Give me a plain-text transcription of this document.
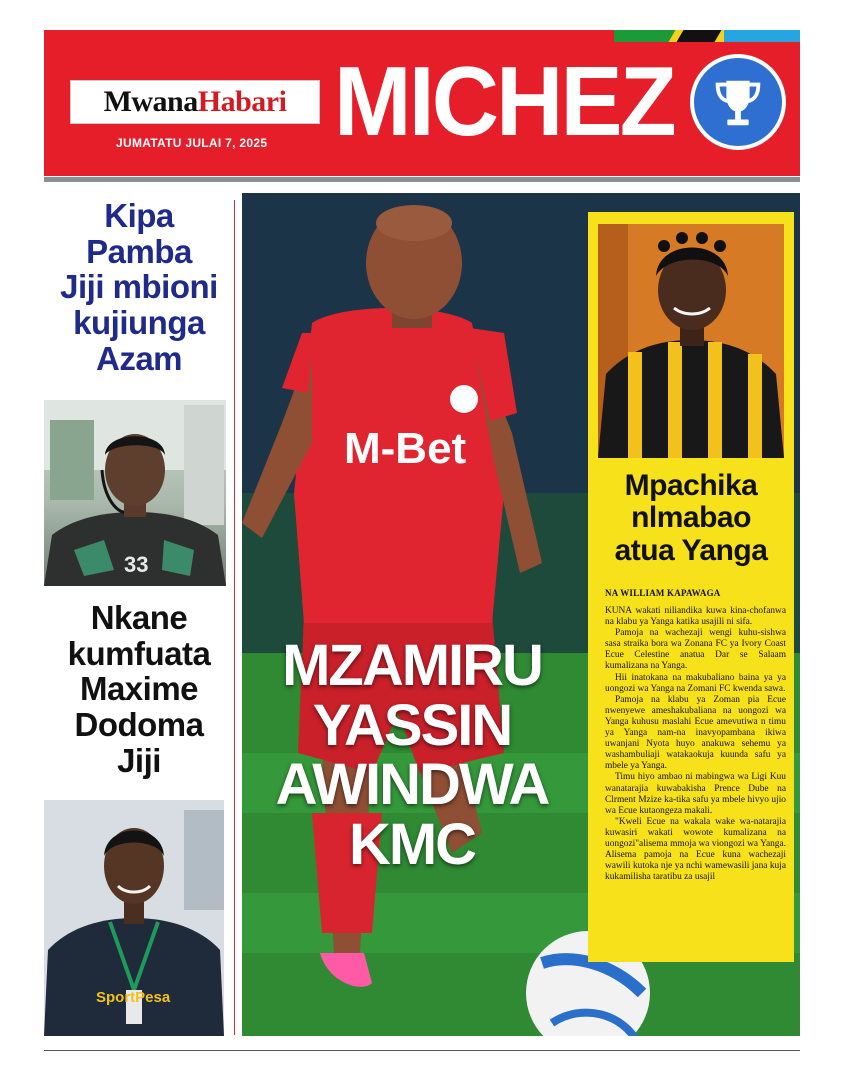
Mwana Habari
JUMATATU JULAI 7, 2025 MICHEZ
Kipa
Pamba
Jiji mbioni
kujiunga
Azam
33
Nkane
kumfuata
Maxime
Dodoma
Jiji
SportPesa
M-Bet
MZAMIRU
YASSIN
AWINDWA
KMC
Mpachika
nlmabao
atua Yanga
NA WILLIAM KAPAWAGA

KUNA wakati niliandika kuwa kina-chofanwa na klabu ya Yanga katika usajili ni sifa.

Pamoja na wachezaji wengi kuhu-sishwa sasa straika bora wa Zonana FC ya Ivory Coast Ecue Celestine anatua Dar se Salaam kumalizana na Yanga.

Hii inatokana na makubaliano baina ya ya uongozi wa Yanga na Zomani FC kwenda sawa.

Pamoja na klabu ya Zoman pia Ecue nwenyewe ameshakubaliana na uongozi wa Yanga kuhusu maslahi Ecue amevutiwa n timu ya Yanga nam-na inavyopambana ikiwa uwanjani Nyota huyo anakuwa sehemu ya washambuliaji watakaokuja kuunda safu ya mbele ya Yanga.

Timu hiyo ambao ni mabingwa wa Ligi Kuu wanatarajia kuwabakisha Prence Dube na Clrment Mzize ka-tika safu ya mbele hivyo ujio wa Ecue kutaongeza makali.

"Kweli Ecue na wakala wake wa-natarajia kuwasiri wakati wowote kumalizana na uongozi"alisema mmoja wa viongozi wa Yanga. Alisema pamoja na Ecue kuna wachezaji wawili kutoka nje ya nchi wamewasili jana kuja kukamilisha taratibu za usajil
